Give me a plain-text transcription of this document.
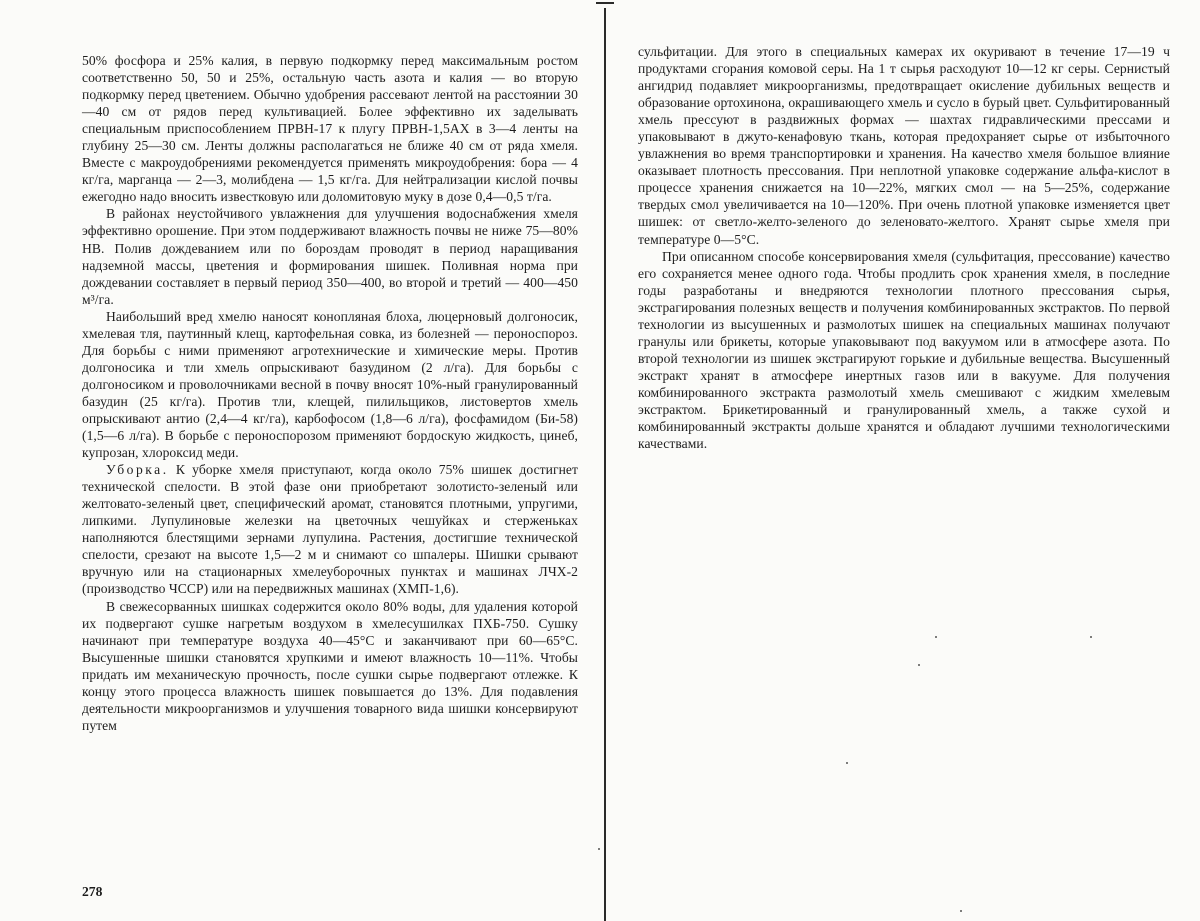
50% фосфора и 25% калия, в первую подкормку перед максимальным ростом соответственно 50, 50 и 25%, остальную часть азота и калия — во вторую подкормку перед цветением. Обычно удобрения рассевают лентой на расстоянии 30—40 см от рядов перед культивацией. Более эффективно их заделывать специальным приспособлением ПРВН-17 к плугу ПРВН-1,5АХ в 3—4 ленты на глубину 25—30 см. Ленты должны располагаться не ближе 40 см от ряда хмеля. Вместе с макроудобрениями рекомендуется применять микроудобрения: бора — 4 кг/га, марганца — 2—3, молибдена — 1,5 кг/га. Для нейтрализации кислой почвы ежегодно надо вносить известковую или доломитовую муку в дозе 0,4—0,5 т/га.

В районах неустойчивого увлажнения для улучшения водоснабжения хмеля эффективно орошение. При этом поддерживают влажность почвы не ниже 75—80% НВ. Полив дождеванием или по бороздам проводят в период наращивания надземной массы, цветения и формирования шишек. Поливная норма при дождевании составляет в первый период 350—400, во второй и третий — 400—450 м³/га.

Наибольший вред хмелю наносят конопляная блоха, люцерновый долгоносик, хмелевая тля, паутинный клещ, картофельная совка, из болезней — пероноспороз. Для борьбы с ними применяют агротехнические и химические меры. Против долгоносика и тли хмель опрыскивают базудином (2 л/га). Для борьбы с долгоносиком и проволочниками весной в почву вносят 10%-ный гранулированный базудин (25 кг/га). Против тли, клещей, пилильщиков, листовертов хмель опрыскивают антио (2,4—4 кг/га), карбофосом (1,8—6 л/га), фосфамидом (Би-58) (1,5—6 л/га). В борьбе с пероноспорозом применяют бордоскую жидкость, цинеб, купрозан, хлороксид меди.

Уборка. К уборке хмеля приступают, когда около 75% шишек достигнет технической спелости. В этой фазе они приобретают золотисто-зеленый или желтовато-зеленый цвет, специфический аромат, становятся плотными, упругими, липкими. Лупулиновые железки на цветочных чешуйках и стерженьках наполняются блестящими зернами лупулина. Растения, достигшие технической спелости, срезают на высоте 1,5—2 м и снимают со шпалеры. Шишки срывают вручную или на стационарных хмелеуборочных пунктах и машинах ЛЧХ-2 (производство ЧССР) или на передвижных машинах (ХМП-1,6).

В свежесорванных шишках содержится около 80% воды, для удаления которой их подвергают сушке нагретым воздухом в хмелесушилках ПХБ-750. Сушку начинают при температуре воздуха 40—45°С и заканчивают при 60—65°С. Высушенные шишки становятся хрупкими и имеют влажность 10—11%. Чтобы придать им механическую прочность, после сушки сырье подвергают отлежке. К концу этого процесса влажность шишек повышается до 13%. Для подавления деятельности микроорганизмов и улучшения товарного вида шишки консервируют путем

278

сульфитации. Для этого в специальных камерах их окуривают в течение 17—19 ч продуктами сгорания комовой серы. На 1 т сырья расходуют 10—12 кг серы. Сернистый ангидрид подавляет микроорганизмы, предотвращает окисление дубильных веществ и образование ортохинона, окрашивающего хмель и сусло в бурый цвет. Сульфитированный хмель прессуют в раздвижных формах — шахтах гидравлическими прессами и упаковывают в джуто-кенафовую ткань, которая предохраняет сырье от избыточного увлажнения во время транспортировки и хранения. На качество хмеля большое влияние оказывает плотность прессования. При неплотной упаковке содержание альфа-кислот в процессе хранения снижается на 10—22%, мягких смол — на 5—25%, содержание твердых смол увеличивается на 10—120%. При очень плотной упаковке изменяется цвет шишек: от светло-желто-зеленого до зеленовато-желтого. Хранят сырье хмеля при температуре 0—5°С.

При описанном способе консервирования хмеля (сульфитация, прессование) качество его сохраняется менее одного года. Чтобы продлить срок хранения хмеля, в последние годы разработаны и внедряются технологии плотного прессования сырья, экстрагирования полезных веществ и получения комбинированных экстрактов. По первой технологии из высушенных и размолотых шишек на специальных машинах получают гранулы или брикеты, которые упаковывают под вакуумом или в атмосфере азота. По второй технологии из шишек экстрагируют горькие и дубильные вещества. Высушенный экстракт хранят в атмосфере инертных газов или в вакууме. Для получения комбинированного экстракта размолотый хмель смешивают с жидким хмелевым экстрактом. Брикетированный и гранулированный хмель, а также сухой и комбинированный экстракты дольше хранятся и обладают лучшими технологическими качествами.
